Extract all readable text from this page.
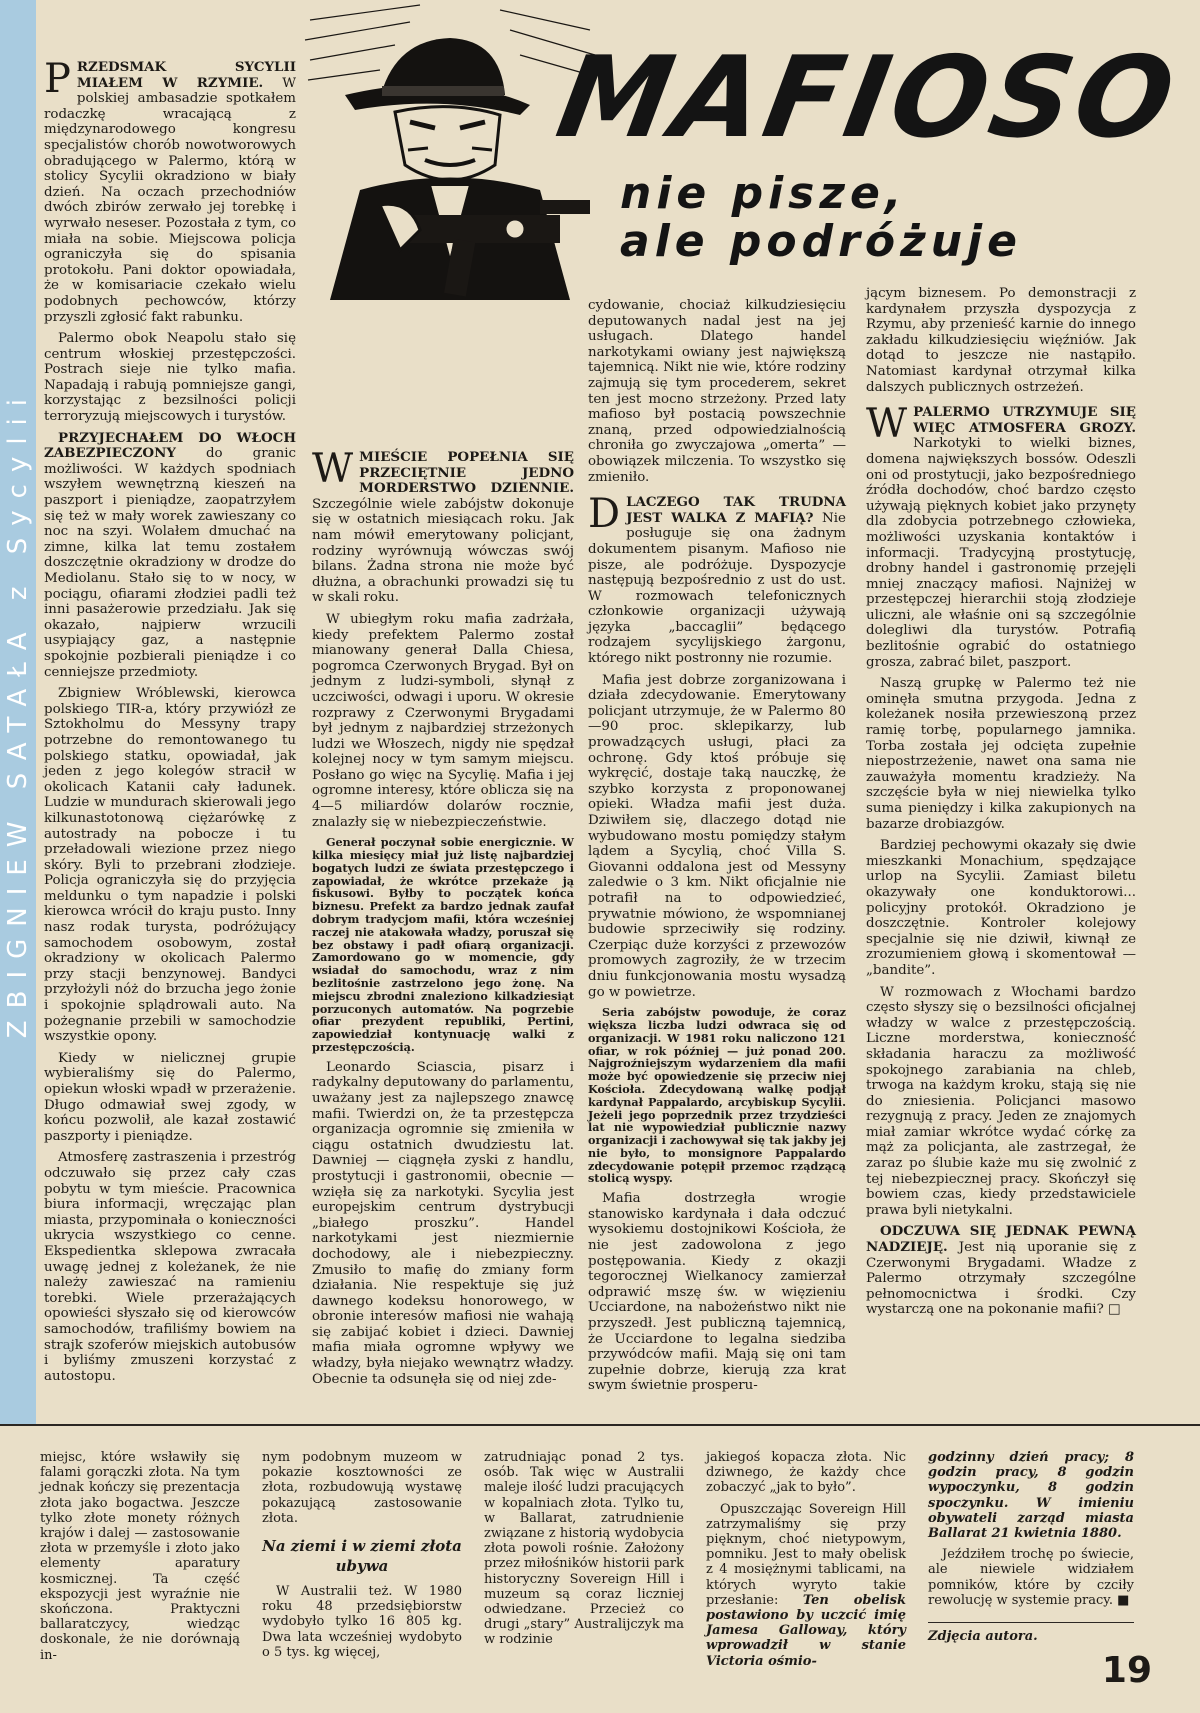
ZBIGNIEW SATAŁA z Sycylii
MAFIOSO
nie pisze,
ale podróżuje

PRZEDSMAK SYCYLII MIAŁEM W RZYMIE. W polskiej ambasadzie spotkałem rodaczkę wracającą z międzynarodowego kongresu specjalistów chorób nowotworowych obradującego w Palermo, którą w stolicy Sycylii okradziono w biały dzień. Na oczach przechodniów dwóch zbirów zerwało jej torebkę i wyrwało neseser. Pozostała z tym, co miała na sobie. Miejscowa policja ograniczyła się do spisania protokołu. Pani doktor opowiadała, że w komisariacie czekało wielu podobnych pechowców, którzy przyszli zgłosić fakt rabunku.

Palermo obok Neapolu stało się centrum włoskiej przestępczości. Postrach sieje nie tylko mafia. Napadają i rabują pomniejsze gangi, korzystając z bezsilności policji terroryzują miejscowych i turystów.

PRZYJECHAŁEM DO WŁOCH ZABEZPIECZONY do granic możliwości. W każdych spodniach wszyłem wewnętrzną kieszeń na paszport i pieniądze, zaopatrzyłem się też w mały worek zawieszany co noc na szyi. Wolałem dmuchać na zimne, kilka lat temu zostałem doszczętnie okradziony w drodze do Mediolanu. Stało się to w nocy, w pociągu, ofiarami złodziei padli też inni pasażerowie przedziału. Jak się okazało, najpierw wrzucili usypiający gaz, a następnie spokojnie pozbierali pieniądze i co cenniejsze przedmioty.

Zbigniew Wróblewski, kierowca polskiego TIR-a, który przywiózł ze Sztokholmu do Messyny trapy potrzebne do remontowanego tu polskiego statku, opowiadał, jak jeden z jego kolegów stracił w okolicach Katanii cały ładunek. Ludzie w mundurach skierowali jego kilkunastotonową ciężarówkę z autostrady na pobocze i tu przeładowali wiezione przez niego skóry. Byli to przebrani złodzieje. Policja ograniczyła się do przyjęcia meldunku o tym napadzie i polski kierowca wrócił do kraju pusto. Inny nasz rodak turysta, podróżujący samochodem osobowym, został okradziony w okolicach Palermo przy stacji benzynowej. Bandyci przyłożyli nóż do brzucha jego żonie i spokojnie splądrowali auto. Na pożegnanie przebili w samochodzie wszystkie opony.

Kiedy w nielicznej grupie wybieraliśmy się do Palermo, opiekun włoski wpadł w przerażenie. Długo odmawiał swej zgody, w końcu pozwolił, ale kazał zostawić paszporty i pieniądze.

Atmosferę zastraszenia i przestróg odczuwało się przez cały czas pobytu w tym mieście. Pracownica biura informacji, wręczając plan miasta, przypominała o konieczności ukrycia wszystkiego co cenne. Ekspedientka sklepowa zwracała uwagę jednej z koleżanek, że nie należy zawieszać na ramieniu torebki. Wiele przerażających opowieści słyszało się od kierowców samochodów, trafiliśmy bowiem na strajk szoferów miejskich autobusów i byliśmy zmuszeni korzystać z autostopu.

WMIEŚCIE POPEŁNIA SIĘ PRZECIĘTNIE JEDNO MORDERSTWO DZIENNIE. Szczególnie wiele zabójstw dokonuje się w ostatnich miesiącach roku. Jak nam mówił emerytowany policjant, rodziny wyrównują wówczas swój bilans. Żadna strona nie może być dłużna, a obrachunki prowadzi się tu w skali roku.

W ubiegłym roku mafia zadrżała, kiedy prefektem Palermo został mianowany generał Dalla Chiesa, pogromca Czerwonych Brygad. Był on jednym z ludzi-symboli, słynął z uczciwości, odwagi i uporu. W okresie rozprawy z Czerwonymi Brygadami był jednym z najbardziej strzeżonych ludzi we Włoszech, nigdy nie spędzał kolejnej nocy w tym samym miejscu. Posłano go więc na Sycylię. Mafia i jej ogromne interesy, które oblicza się na 4—5 miliardów dolarów rocznie, znalazły się w niebezpieczeństwie.

Generał poczynał sobie energicznie. W kilka miesięcy miał już listę najbardziej bogatych ludzi ze świata przestępczego i zapowiadał, że wkrótce przekaże ją fiskusowi. Byłby to początek końca biznesu. Prefekt za bardzo jednak zaufał dobrym tradycjom mafii, która wcześniej raczej nie atakowała władzy, poruszał się bez obstawy i padł ofiarą organizacji. Zamordowano go w momencie, gdy wsiadał do samochodu, wraz z nim bezlitośnie zastrzelono jego żonę. Na miejscu zbrodni znaleziono kilkadziesiąt porzuconych automatów. Na pogrzebie ofiar prezydent republiki, Pertini, zapowiedział kontynuację walki z przestępczością.

Leonardo Sciascia, pisarz i radykalny deputowany do parlamentu, uważany jest za najlepszego znawcę mafii. Twierdzi on, że ta przestępcza organizacja ogromnie się zmieniła w ciągu ostatnich dwudziestu lat. Dawniej — ciągnęła zyski z handlu, prostytucji i gastronomii, obecnie — wzięła się za narkotyki. Sycylia jest europejskim centrum dystrybucji „białego proszku”. Handel narkotykami jest niezmiernie dochodowy, ale i niebezpieczny. Zmusiło to mafię do zmiany form działania. Nie respektuje się już dawnego kodeksu honorowego, w obronie interesów mafiosi nie wahają się zabijać kobiet i dzieci. Dawniej mafia miała ogromne wpływy we władzy, była niejako wewnątrz władzy. Obecnie ta odsunęła się od niej zde-

cydowanie, chociaż kilkudziesięciu deputowanych nadal jest na jej usługach. Dlatego handel narkotykami owiany jest największą tajemnicą. Nikt nie wie, które rodziny zajmują się tym procederem, sekret ten jest mocno strzeżony. Przed laty mafioso był postacią powszechnie znaną, przed odpowiedzialnością chroniła go zwyczajowa „omerta” — obowiązek milczenia. To wszystko się zmieniło.

DLACZEGO TAK TRUDNA JEST WALKA Z MAFIĄ? Nie posługuje się ona żadnym dokumentem pisanym. Mafioso nie pisze, ale podróżuje. Dyspozycje następują bezpośrednio z ust do ust. W rozmowach telefonicznych członkowie organizacji używają języka „baccaglii” będącego rodzajem sycylijskiego żargonu, którego nikt postronny nie rozumie.

Mafia jest dobrze zorganizowana i działa zdecydowanie. Emerytowany policjant utrzymuje, że w Palermo 80—90 proc. sklepikarzy, lub prowadzących usługi, płaci za ochronę. Gdy ktoś próbuje się wykręcić, dostaje taką nauczkę, że szybko korzysta z proponowanej opieki. Władza mafii jest duża. Dziwiłem się, dlaczego dotąd nie wybudowano mostu pomiędzy stałym lądem a Sycylią, choć Villa S. Giovanni oddalona jest od Messyny zaledwie o 3 km. Nikt oficjalnie nie potrafił na to odpowiedzieć, prywatnie mówiono, że wspomnianej budowie sprzeciwiły się rodziny. Czerpiąc duże korzyści z przewozów promowych zagroziły, że w trzecim dniu funkcjonowania mostu wysadzą go w powietrze.

Seria zabójstw powoduje, że coraz większa liczba ludzi odwraca się od organizacji. W 1981 roku naliczono 121 ofiar, w rok później — już ponad 200. Najgroźniejszym wydarzeniem dla mafii może być opowiedzenie się przeciw niej Kościoła. Zdecydowaną walkę podjął kardynał Pappalardo, arcybiskup Sycylii. Jeżeli jego poprzednik przez trzydzieści lat nie wypowiedział publicznie nazwy organizacji i zachowywał się tak jakby jej nie było, to monsignore Pappalardo zdecydowanie potępił przemoc rządzącą stolicą wyspy.

Mafia dostrzegła wrogie stanowisko kardynała i dała odczuć wysokiemu dostojnikowi Kościoła, że nie jest zadowolona z jego postępowania. Kiedy z okazji tegorocznej Wielkanocy zamierzał odprawić mszę św. w więzieniu Ucciardone, na nabożeństwo nikt nie przyszedł. Jest publiczną tajemnicą, że Ucciardone to legalna siedziba przywódców mafii. Mają się oni tam zupełnie dobrze, kierują zza krat swym świetnie prosperu-

jącym biznesem. Po demonstracji z kardynałem przyszła dyspozycja z Rzymu, aby przenieść karnie do innego zakładu kilkudziesięciu więźniów. Jak dotąd to jeszcze nie nastąpiło. Natomiast kardynał otrzymał kilka dalszych publicznych ostrzeżeń.

WPALERMO UTRZYMUJE SIĘ WIĘC ATMOSFERA GROZY. Narkotyki to wielki biznes, domena największych bossów. Odeszli oni od prostytucji, jako bezpośredniego źródła dochodów, choć bardzo często używają pięknych kobiet jako przynęty dla zdobycia potrzebnego człowieka, możliwości uzyskania kontaktów i informacji. Tradycyjną prostytucję, drobny handel i gastronomię przejęli mniej znaczący mafiosi. Najniżej w przestępczej hierarchii stoją złodzieje uliczni, ale właśnie oni są szczególnie dolegliwi dla turystów. Potrafią bezlitośnie ograbić do ostatniego grosza, zabrać bilet, paszport.

Naszą grupkę w Palermo też nie ominęła smutna przygoda. Jedna z koleżanek nosiła przewieszoną przez ramię torbę, popularnego jamnika. Torba została jej odcięta zupełnie niepostrzeżenie, nawet ona sama nie zauważyła momentu kradzieży. Na szczęście była w niej niewielka tylko suma pieniędzy i kilka zakupionych na bazarze drobiazgów.

Bardziej pechowymi okazały się dwie mieszkanki Monachium, spędzające urlop na Sycylii. Zamiast biletu okazywały one konduktorowi... policyjny protokół. Okradziono je doszczętnie. Kontroler kolejowy specjalnie się nie dziwił, kiwnął ze zrozumieniem głową i skomentował — „bandite”.

W rozmowach z Włochami bardzo często słyszy się o bezsilności oficjalnej władzy w walce z przestępczością. Liczne morderstwa, konieczność składania haraczu za możliwość spokojnego zarabiania na chleb, trwoga na każdym kroku, stają się nie do zniesienia. Policjanci masowo rezygnują z pracy. Jeden ze znajomych miał zamiar wkrótce wydać córkę za mąż za policjanta, ale zastrzegał, że zaraz po ślubie każe mu się zwolnić z tej niebezpiecznej pracy. Skończył się bowiem czas, kiedy przedstawiciele prawa byli nietykalni.

ODCZUWA SIĘ JEDNAK PEWNĄ NADZIEJĘ. Jest nią uporanie się z Czerwonymi Brygadami. Władze z Palermo otrzymały szczególne pełnomocnictwa i środki. Czy wystarczą one na pokonanie mafii? □

miejsc, które wsławiły się falami gorączki złota. Na tym jednak kończy się prezentacja złota jako bogactwa. Jeszcze tylko złote monety różnych krajów i dalej — zastosowanie złota w przemyśle i złoto jako elementy aparatury kosmicznej. Ta część ekspozycji jest wyraźnie nie skończona. Praktyczni ballaratczycy, wiedząc doskonale, że nie dorównają in-

nym podobnym muzeom w pokazie kosztowności ze złota, rozbudowują wystawę pokazującą zastosowanie złota.

Na ziemi i w ziemi złota ubywa

W Australii też. W 1980 roku 48 przedsiębiorstw wydobyło tylko 16 805 kg. Dwa lata wcześniej wydobyto o 5 tys. kg więcej,

zatrudniając ponad 2 tys. osób. Tak więc w Australii maleje ilość ludzi pracujących w kopalniach złota. Tylko tu, w Ballarat, zatrudnienie związane z historią wydobycia złota powoli rośnie. Założony przez miłośników historii park historyczny Sovereign Hill i muzeum są coraz liczniej odwiedzane. Przecież co drugi „stary” Australijczyk ma w rodzinie

jakiegoś kopacza złota. Nic dziwnego, że każdy chce zobaczyć „jak to było”.

Opuszczając Sovereign Hill zatrzymaliśmy się przy pięknym, choć nietypowym, pomniku. Jest to mały obelisk z 4 mosiężnymi tablicami, na których wyryto takie przesłanie: Ten obelisk postawiono by uczcić imię Jamesa Galloway, który wprowadził w stanie Victoria ośmio-

godzinny dzień pracy; 8 godzin pracy, 8 godzin wypoczynku, 8 godzin spoczynku. W imieniu obywateli zarząd miasta Ballarat 21 kwietnia 1880.

Jeździłem trochę po świecie, ale niewiele widziałem pomników, które by czciły rewolucję w systemie pracy. ■

Zdjęcia autora.

19
